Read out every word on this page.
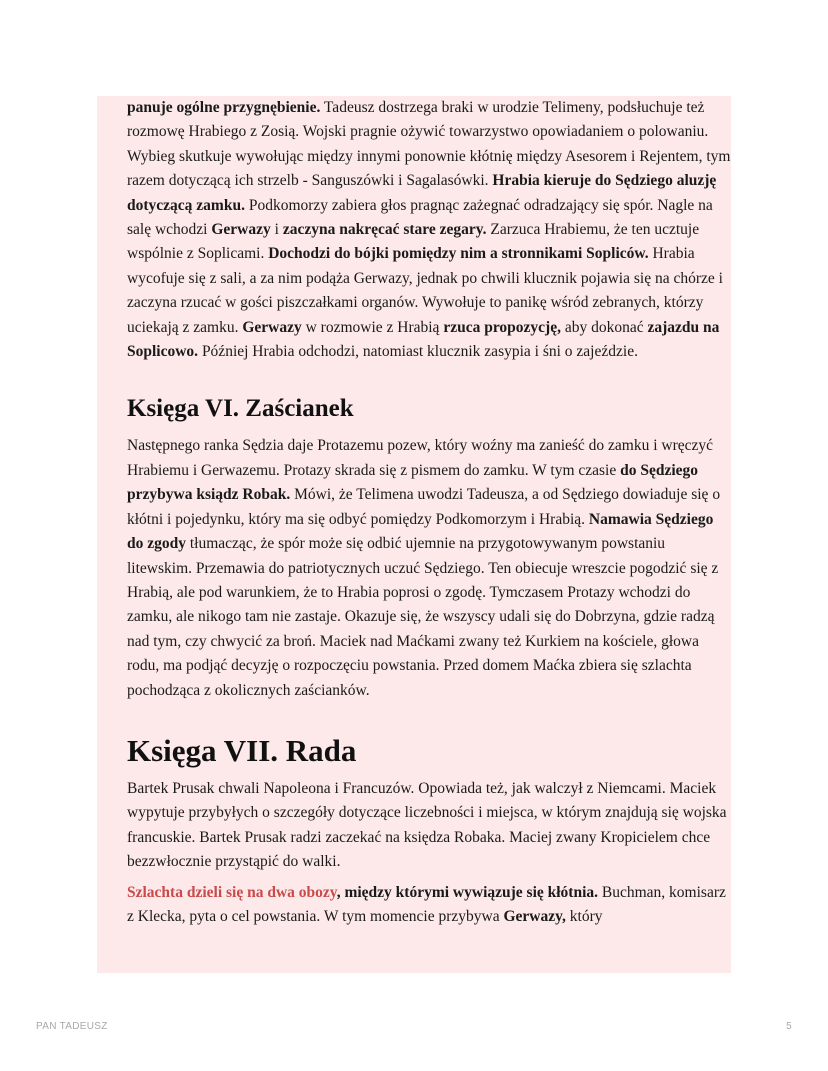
panuje ogólne przygnębienie. Tadeusz dostrzega braki w urodzie Telimeny, podsłuchuje też rozmowę Hrabiego z Zosią. Wojski pragnie ożywić towarzystwo opowiadaniem o polowaniu. Wybieg skutkuje wywołując między innymi ponownie kłótnię między Asesorem i Rejentem, tym razem dotyczącą ich strzelb - Sanguszówki i Sagalasówki. Hrabia kieruje do Sędziego aluzję dotyczącą zamku. Podkomorzy zabiera głos pragnąc zażegnać odradzający się spór. Nagle na salę wchodzi Gerwazy i zaczyna nakręcać stare zegary. Zarzuca Hrabiemu, że ten ucztuje wspólnie z Soplicami. Dochodzi do bójki pomiędzy nim a stronnikami Sopliców. Hrabia wycofuje się z sali, a za nim podąża Gerwazy, jednak po chwili klucznik pojawia się na chórze i zaczyna rzucać w gości piszczałkami organów. Wywołuje to panikę wśród zebranych, którzy uciekają z zamku. Gerwazy w rozmowie z Hrabią rzuca propozycję, aby dokonać zajazdu na Soplicowo. Później Hrabia odchodzi, natomiast klucznik zasypia i śni o zajeździe.

Księga VI. Zaścianek

Następnego ranka Sędzia daje Protazemu pozew, który woźny ma zanieść do zamku i wręczyć Hrabiemu i Gerwazemu. Protazy skrada się z pismem do zamku. W tym czasie do Sędziego przybywa ksiądz Robak. Mówi, że Telimena uwodzi Tadeusza, a od Sędziego dowiaduje się o kłótni i pojedynku, który ma się odbyć pomiędzy Podkomorzym i Hrabią. Namawia Sędziego do zgody tłumacząc, że spór może się odbić ujemnie na przygotowywanym powstaniu litewskim. Przemawia do patriotycznych uczuć Sędziego. Ten obiecuje wreszcie pogodzić się z Hrabią, ale pod warunkiem, że to Hrabia poprosi o zgodę. Tymczasem Protazy wchodzi do zamku, ale nikogo tam nie zastaje. Okazuje się, że wszyscy udali się do Dobrzyna, gdzie radzą nad tym, czy chwycić za broń. Maciek nad Maćkami zwany też Kurkiem na kościele, głowa rodu, ma podjąć decyzję o rozpoczęciu powstania. Przed domem Maćka zbiera się szlachta pochodząca z okolicznych zaścianków.

Księga VII. Rada

Bartek Prusak chwali Napoleona i Francuzów. Opowiada też, jak walczył z Niemcami. Maciek wypytuje przybyłych o szczegóły dotyczące liczebności i miejsca, w którym znajdują się wojska francuskie. Bartek Prusak radzi zaczekać na księdza Robaka. Maciej zwany Kropicielem chce bezzwłocznie przystąpić do walki.

Szlachta dzieli się na dwa obozy, między którymi wywiązuje się kłótnia. Buchman, komisarz z Klecka, pyta o cel powstania. W tym momencie przybywa Gerwazy, który

PAN TADEUSZ	5
